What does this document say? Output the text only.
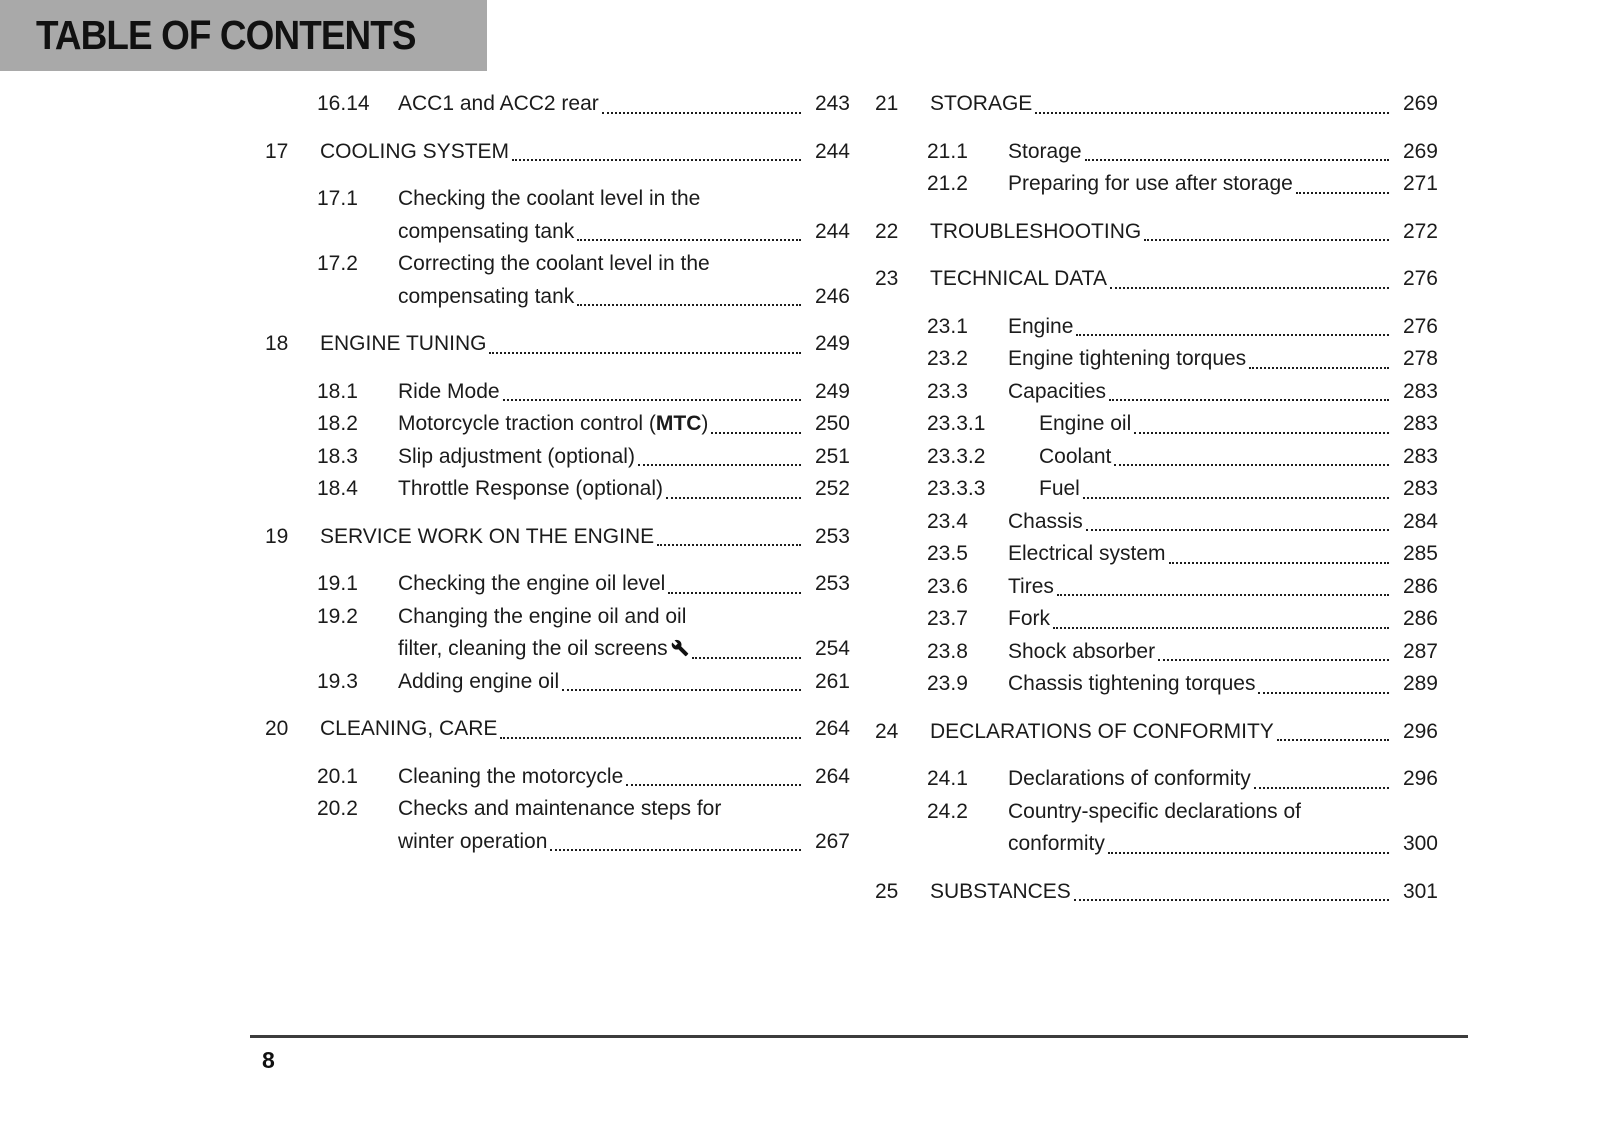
TABLE OF CONTENTS
16.14	ACC1 and ACC2 rear	243
17	COOLING SYSTEM	244
17.1	Checking the coolant level in the
compensating tank	244
17.2	Correcting the coolant level in the
compensating tank	246
18	ENGINE TUNING	249
18.1	Ride Mode	249
18.2	Motorcycle traction control (MTC)	250
18.3	Slip adjustment (optional)	251
18.4	Throttle Response (optional)	252
19	SERVICE WORK ON THE ENGINE	253
19.1	Checking the engine oil level	253
19.2	Changing the engine oil and oil
filter, cleaning the oil screens	254
19.3	Adding engine oil	261
20	CLEANING, CARE	264
20.1	Cleaning the motorcycle	264
20.2	Checks and maintenance steps for
winter operation	267
21	STORAGE	269
21.1	Storage	269
21.2	Preparing for use after storage	271
22	TROUBLESHOOTING	272
23	TECHNICAL DATA	276
23.1	Engine	276
23.2	Engine tightening torques	278
23.3	Capacities	283
23.3.1	Engine oil	283
23.3.2	Coolant	283
23.3.3	Fuel	283
23.4	Chassis	284
23.5	Electrical system	285
23.6	Tires	286
23.7	Fork	286
23.8	Shock absorber	287
23.9	Chassis tightening torques	289
24	DECLARATIONS OF CONFORMITY	296
24.1	Declarations of conformity	296
24.2	Country-specific declarations of
conformity	300
25	SUBSTANCES	301
8
